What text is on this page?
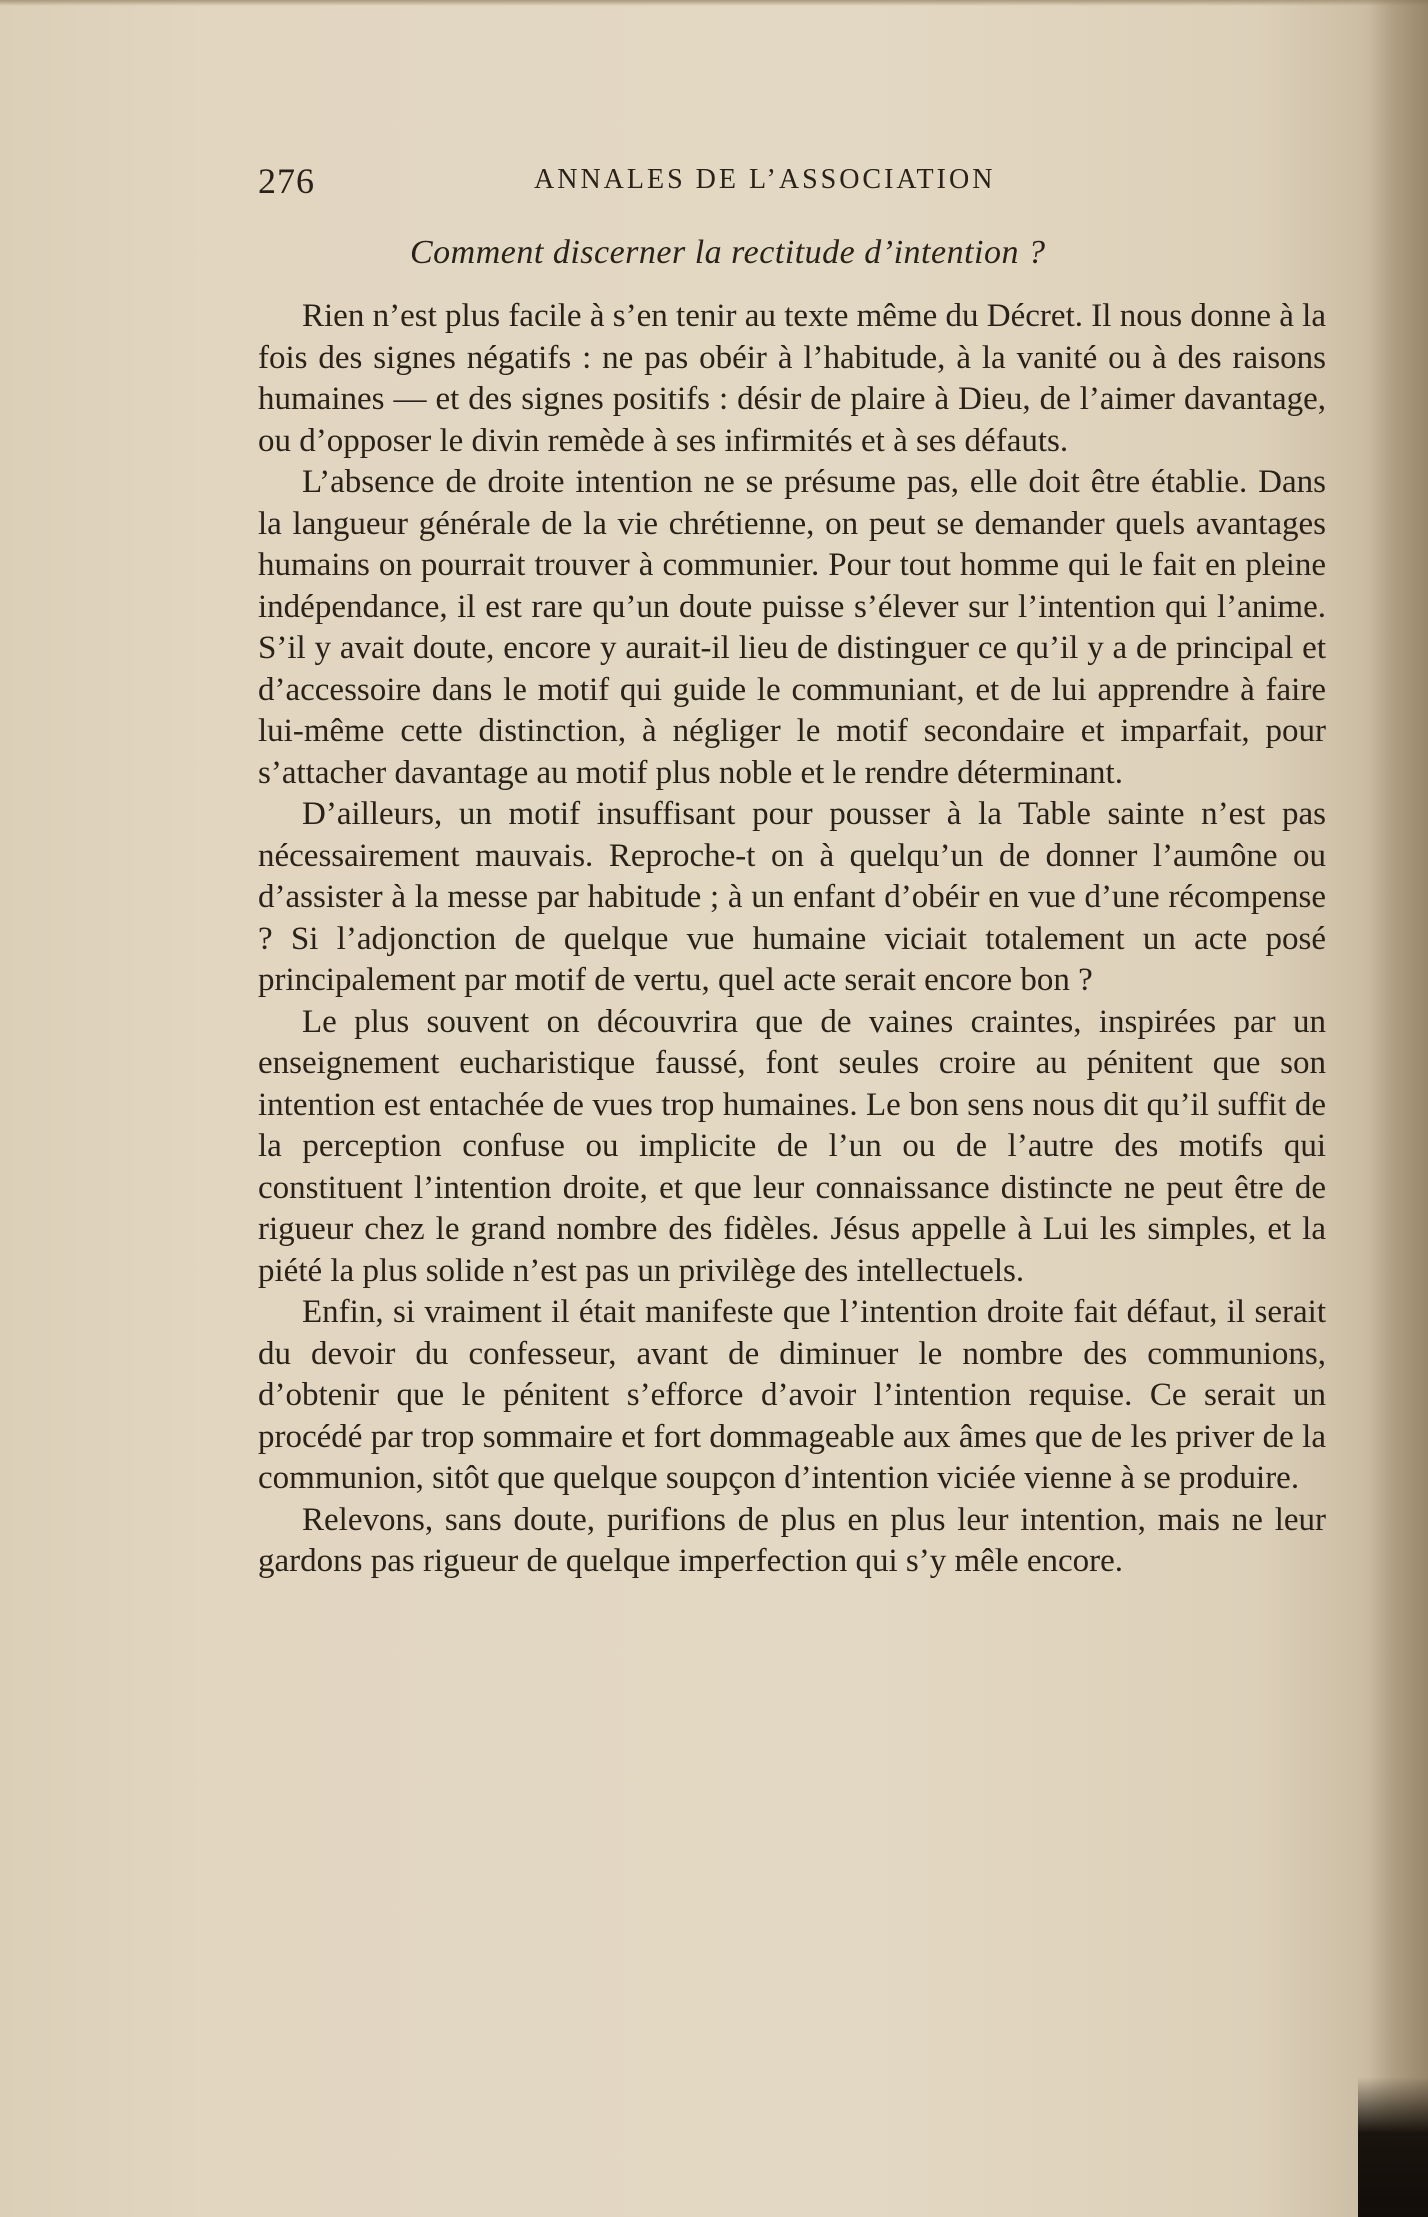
276	ANNALES DE L’ASSOCIATION
Comment discerner la rectitude d’intention ?

Rien n’est plus facile à s’en tenir au texte même du Décret. Il nous donne à la fois des signes négatifs : ne pas obéir à l’habitude, à la vanité ou à des raisons humaines — et des signes positifs : désir de plaire à Dieu, de l’aimer davantage, ou d’opposer le divin remède à ses infirmités et à ses défauts.

L’absence de droite intention ne se présume pas, elle doit être établie. Dans la langueur générale de la vie chrétienne, on peut se demander quels avantages humains on pourrait trouver à communier. Pour tout homme qui le fait en pleine indépendance, il est rare qu’un doute puisse s’élever sur l’intention qui l’anime. S’il y avait doute, encore y aurait-il lieu de distinguer ce qu’il y a de principal et d’accessoire dans le motif qui guide le communiant, et de lui apprendre à faire lui-même cette distinction, à négliger le motif secondaire et imparfait, pour s’attacher davantage au motif plus noble et le rendre déterminant.

D’ailleurs, un motif insuffisant pour pousser à la Table sainte n’est pas nécessairement mauvais. Reproche-t on à quelqu’un de donner l’aumône ou d’assister à la messe par habitude ; à un enfant d’obéir en vue d’une récompense ? Si l’adjonction de quelque vue humaine viciait totalement un acte posé principalement par motif de vertu, quel acte serait encore bon ?

Le plus souvent on découvrira que de vaines craintes, inspirées par un enseignement eucharistique faussé, font seules croire au pénitent que son intention est entachée de vues trop humaines. Le bon sens nous dit qu’il suffit de la perception confuse ou implicite de l’un ou de l’autre des motifs qui constituent l’intention droite, et que leur connaissance distincte ne peut être de rigueur chez le grand nombre des fidèles. Jésus appelle à Lui les simples, et la piété la plus solide n’est pas un privilège des intellectuels.

Enfin, si vraiment il était manifeste que l’intention droite fait défaut, il serait du devoir du confesseur, avant de diminuer le nombre des communions, d’obtenir que le pénitent s’efforce d’avoir l’intention requise. Ce serait un procédé par trop sommaire et fort dommageable aux âmes que de les priver de la communion, sitôt que quelque soupçon d’intention viciée vienne à se produire.

Relevons, sans doute, purifions de plus en plus leur intention, mais ne leur gardons pas rigueur de quelque imperfection qui s’y mêle encore.
